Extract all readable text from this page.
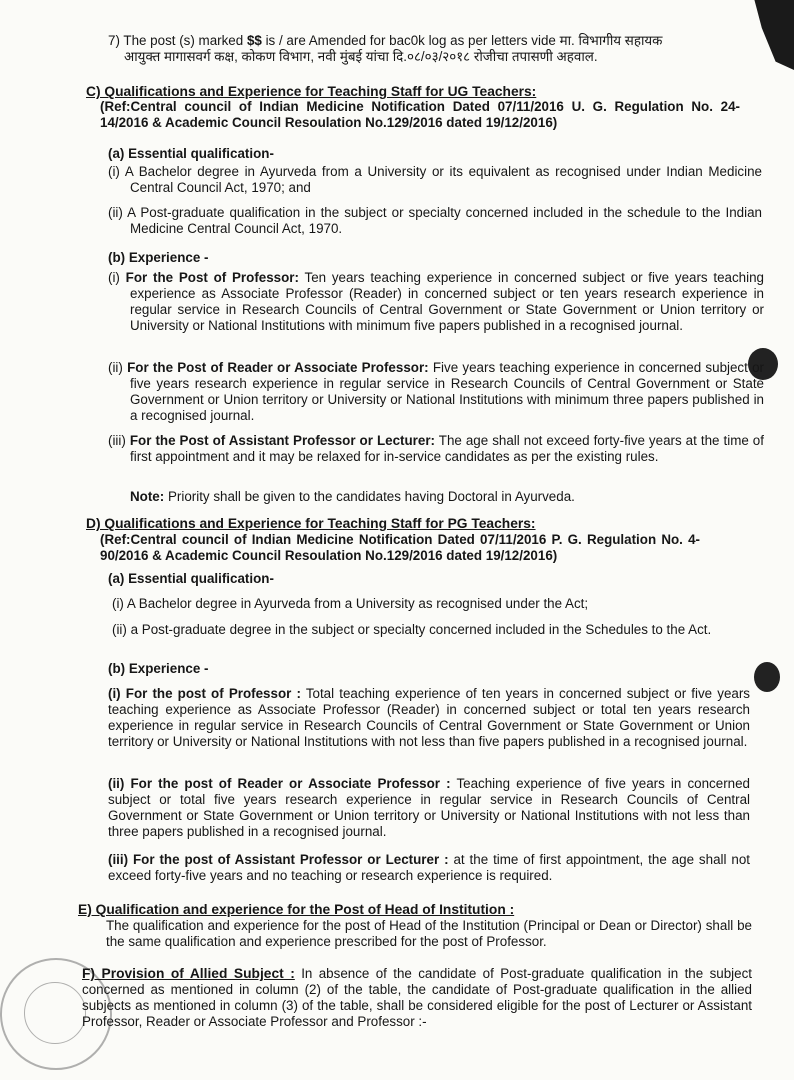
7) The post (s) marked $$ is / are Amended for bac0k log as per letters vide मा. विभागीय सहायक
आयुक्त मागासवर्ग कक्ष, कोकण विभाग, नवी मुंबई यांचा दि.०८/०३/२०१८ रोजीचा तपासणी अहवाल.
C) Qualifications and Experience for Teaching Staff for UG Teachers:
(Ref:Central council of Indian Medicine Notification Dated 07/11/2016 U. G. Regulation No. 24-14/2016 & Academic Council Resoulation No.129/2016 dated 19/12/2016)
(a) Essential qualification-
(i) A Bachelor degree in Ayurveda from a University or its equivalent as recognised under Indian Medicine Central Council Act, 1970; and
(ii) A Post-graduate qualification in the subject or specialty concerned included in the schedule to the Indian Medicine Central Council Act, 1970.
(b) Experience -
(i) For the Post of Professor: Ten years teaching experience in concerned subject or five years teaching experience as Associate Professor (Reader) in concerned subject or ten years research experience in regular service in Research Councils of Central Government or State Government or Union territory or University or National Institutions with minimum five papers published in a recognised journal.
(ii) For the Post of Reader or Associate Professor: Five years teaching experience in concerned subject or five years research experience in regular service in Research Councils of Central Government or State Government or Union territory or University or National Institutions with minimum three papers published in a recognised journal.
(iii) For the Post of Assistant Professor or Lecturer: The age shall not exceed forty-five years at the time of first appointment and it may be relaxed for in-service candidates as per the existing rules.
Note: Priority shall be given to the candidates having Doctoral in Ayurveda.
D) Qualifications and Experience for Teaching Staff for PG Teachers:
(Ref:Central council of Indian Medicine Notification Dated 07/11/2016 P. G. Regulation No. 4- 90/2016 & Academic Council Resoulation No.129/2016 dated 19/12/2016)
(a) Essential qualification-
(i) A Bachelor degree in Ayurveda from a University as recognised under the Act;
(ii) a Post-graduate degree in the subject or specialty concerned included in the Schedules to the Act.
(b) Experience -
(i) For the post of Professor : Total teaching experience of ten years in concerned subject or five years teaching experience as Associate Professor (Reader) in concerned subject or total ten years research experience in regular service in Research Councils of Central Government or State Government or Union territory or University or National Institutions with not less than five papers published in a recognised journal.
(ii) For the post of Reader or Associate Professor : Teaching experience of five years in concerned subject or total five years research experience in regular service in Research Councils of Central Government or State Government or Union territory or University or National Institutions with not less than three papers published in a recognised journal.
(iii) For the post of Assistant Professor or Lecturer : at the time of first appointment, the age shall not exceed forty-five years and no teaching or research experience is required.
E) Qualification and experience for the Post of Head of Institution :
The qualification and experience for the post of Head of the Institution (Principal or Dean or Director) shall be the same qualification and experience prescribed for the post of Professor.
F) Provision of Allied Subject : In absence of the candidate of Post-graduate qualification in the subject concerned as mentioned in column (2) of the table, the candidate of Post-graduate qualification in the allied subjects as mentioned in column (3) of the table, shall be considered eligible for the post of Lecturer or Assistant Professor, Reader or Associate Professor and Professor :-
